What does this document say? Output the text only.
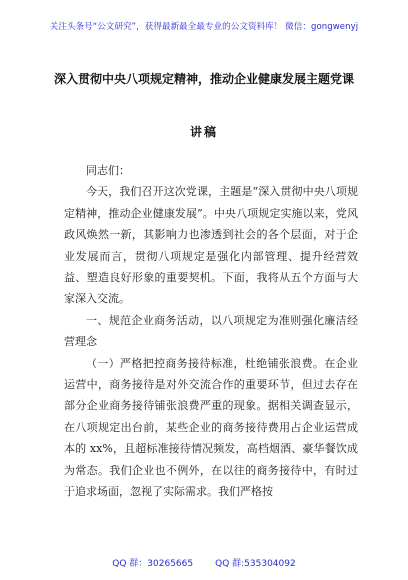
关注头条号“公文研究”，获得最新最全最专业的公文资料库！ 微信：gongwenyj
深入贯彻中央八项规定精神，推动企业健康发展主题党课
讲稿

同志们：

今天，我们召开这次党课，主题是“深入贯彻中央八项规定精神，推动企业健康发展”。中央八项规定实施以来，党风政风焕然一新，其影响力也渗透到社会的各个层面，对于企业发展而言，贯彻八项规定是强化内部管理、提升经营效益、塑造良好形象的重要契机。下面，我将从五个方面与大家深入交流。

一、规范企业商务活动，以八项规定为准则强化廉洁经营理念

（一）严格把控商务接待标准，杜绝铺张浪费。在企业运营中，商务接待是对外交流合作的重要环节，但过去存在部分企业商务接待铺张浪费严重的现象。据相关调查显示，在八项规定出台前，某些企业的商务接待费用占企业运营成本的 xx%，且超标准接待情况频发，高档烟酒、豪华餐饮成为常态。我们企业也不例外，在以往的商务接待中，有时过于追求场面，忽视了实际需求。我们严格按

QQ 群：30265665 QQ 群:535304092
